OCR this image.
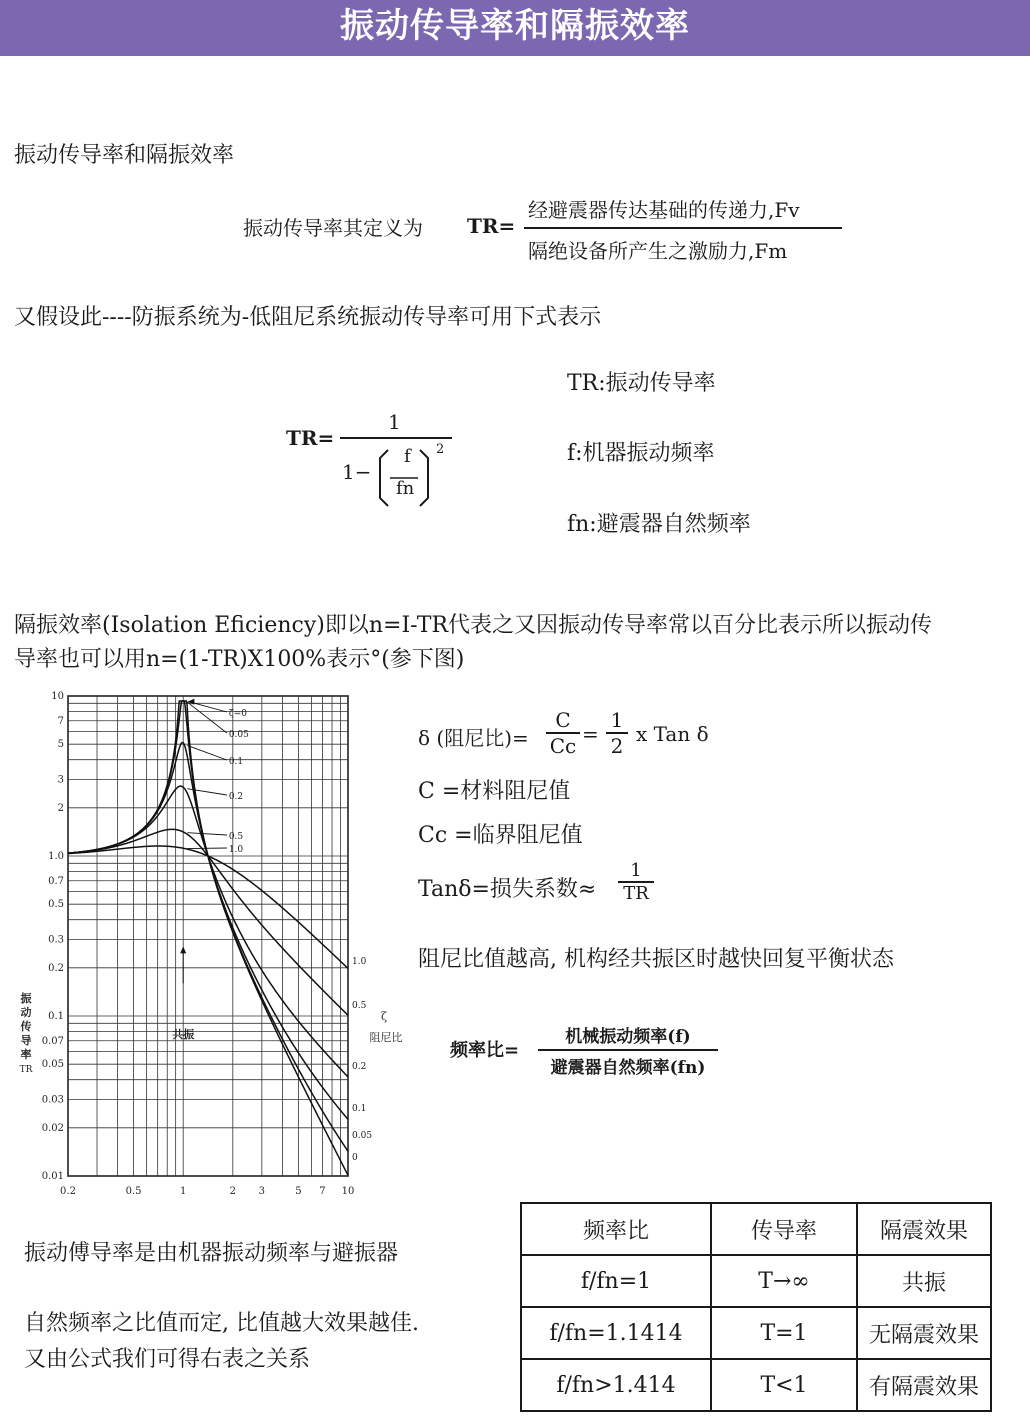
振动传导率和隔振效率
振动传导率和隔振效率
振动传导率其定义为 TR=
经避震器传达基础的传递力,Fv
隔绝设备所产生之激励力,Fm
又假设此----防振系统为-低阻尼系统振动传导率可用下式表示
TR=
1
1−
f
fn
2
TR:振动传导率
f:机器振动频率
fn:避震器自然频率
隔振效率(Isolation Eficiency)即以n=I-TR代表之又因振动传导率常以百分比表示所以振动传
导率也可以用n=(1-TR)X100%表示°(参下图)
0.2	0.5	1	2 3	5 7 10
10
7
5
3
2
1.0
0.7
0.5
0.3
0.2
0.1
0.07
0.05
0.03
0.02
0.01
振
动
传
导
率
TR
ζ=0
0.05
0.1
0.2
0.5
1.0
0
0.05
0.1
0.2
0.5
1.0
ζ
阻尼比
共振
δ (阻尼比)=
C
Cc =
1
2 x Tan δ
C =材料阻尼值
Cc =临界阻尼值
Tanδ=损失系数≈ $\frac{1}{TR}$
阻尼比值越高, 机构经共振区时越快回复平衡状态
频率比=
机械振动频率(f)
避震器自然频率(fn)
振动傅导率是由机器振动频率与避振器
自然频率之比值而定, 比值越大效果越佳.
又由公式我们可得右表之关系
频率比	传导率	隔震效果
f/fn=1	T→∞	共振
f/fn=1.1414	T=1	无隔震效果
f/fn>1.414	T<1	有隔震效果
